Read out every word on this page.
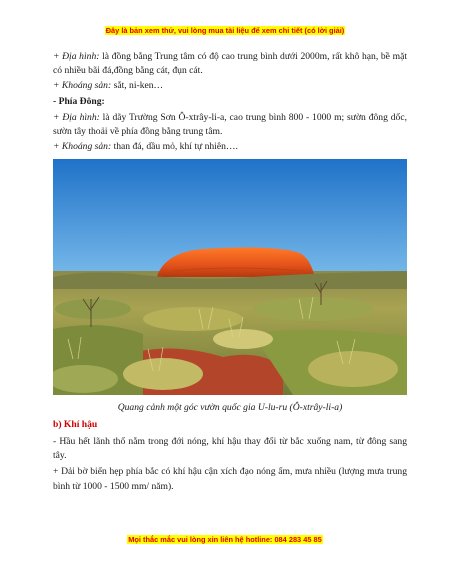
Đây là bản xem thử, vui lòng mua tài liệu để xem chi tiết (có lời giải)

+ Địa hình: là đồng bằng Trung tâm có độ cao trung bình dưới 2000m, rất khô hạn, bề mặt có nhiều bãi đá,đồng bằng cát, đụn cát.

+ Khoáng sản: sắt, ni-ken…

- Phía Đông:

+ Địa hình: là dãy Trường Sơn Ô-xtrây-li-a, cao trung bình 800 - 1000 m; sườn đông dốc, sườn tây thoải về phía đồng bằng trung tâm.

+ Khoáng sản: than đá, dầu mỏ, khí tự nhiên….

Quang cảnh một góc vườn quốc gia U-lu-ru (Ô-xtrây-li-a)

b) Khí hậu

- Hầu hết lãnh thổ nằm trong đới nóng, khí hậu thay đổi từ bắc xuống nam, từ đông sang tây.

+ Dải bờ biển hẹp phía bắc có khí hậu cận xích đạo nóng ẩm, mưa nhiều (lượng mưa trung bình từ 1000 - 1500 mm/ năm).

Mọi thắc mắc vui lòng xin liên hệ hotline: 084 283 45 85
